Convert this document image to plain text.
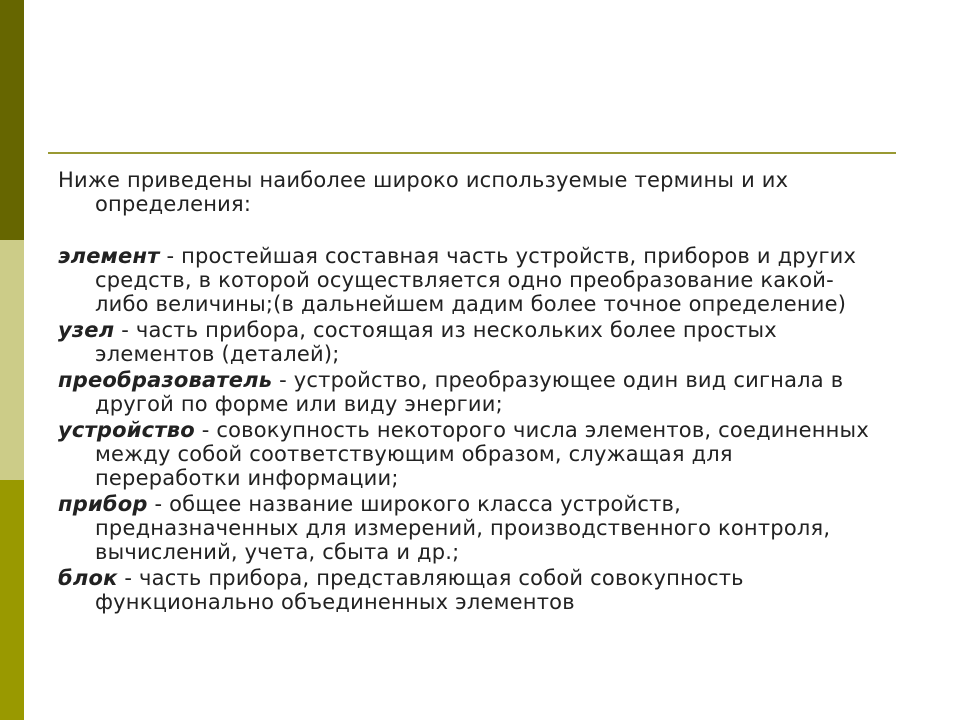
Ниже приведены наиболее широко используемые термины и их определения:

элемент - простейшая составная часть устройств, приборов и других средств, в которой осуществляется одно преобразование какой-либо величины;(в дальнейшем дадим более точное определение)

узел - часть прибора, состоящая из нескольких более простых элементов (деталей);

преобразователь - устройство, преобразующее один вид сигнала в другой по форме или виду энергии;

устройство - совокупность некоторого числа элементов, соединенных между собой соответствующим образом, служащая для переработки информации;

прибор - общее название широкого класса устройств, предназначенных для измерений, производственного контроля, вычислений, учета, сбыта и др.;

блок - часть прибора, представляющая собой совокупность функционально объединенных элементов
